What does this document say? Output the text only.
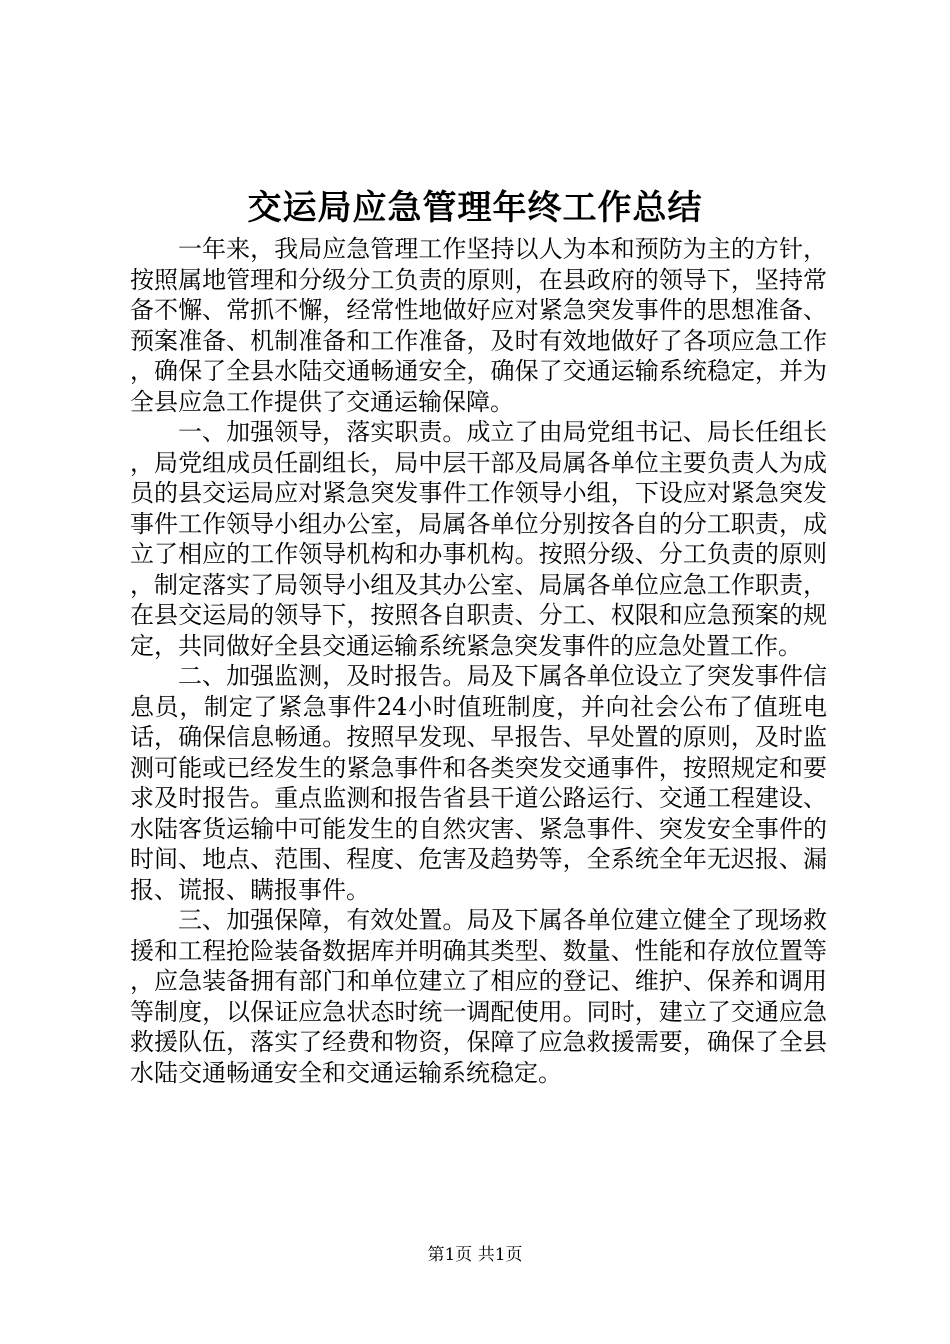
交运局应急管理年终工作总结

一年来，我局应急管理工作坚持以人为本和预防为主的方针，按照属地管理和分级分工负责的原则，在县政府的领导下，坚持常备不懈、常抓不懈，经常性地做好应对紧急突发事件的思想准备、预案准备、机制准备和工作准备，及时有效地做好了各项应急工作，确保了全县水陆交通畅通安全，确保了交通运输系统稳定，并为全县应急工作提供了交通运输保障。

一、加强领导，落实职责。成立了由局党组书记、局长任组长，局党组成员任副组长，局中层干部及局属各单位主要负责人为成员的县交运局应对紧急突发事件工作领导小组，下设应对紧急突发事件工作领导小组办公室，局属各单位分别按各自的分工职责，成立了相应的工作领导机构和办事机构。按照分级、分工负责的原则，制定落实了局领导小组及其办公室、局属各单位应急工作职责，在县交运局的领导下，按照各自职责、分工、权限和应急预案的规定，共同做好全县交通运输系统紧急突发事件的应急处置工作。

二、加强监测，及时报告。局及下属各单位设立了突发事件信息员，制定了紧急事件24小时值班制度，并向社会公布了值班电话，确保信息畅通。按照早发现、早报告、早处置的原则，及时监测可能或已经发生的紧急事件和各类突发交通事件，按照规定和要求及时报告。重点监测和报告省县干道公路运行、交通工程建设、水陆客货运输中可能发生的自然灾害、紧急事件、突发安全事件的时间、地点、范围、程度、危害及趋势等，全系统全年无迟报、漏报、谎报、瞒报事件。

三、加强保障，有效处置。局及下属各单位建立健全了现场救援和工程抢险装备数据库并明确其类型、数量、性能和存放位置等，应急装备拥有部门和单位建立了相应的登记、维护、保养和调用等制度，以保证应急状态时统一调配使用。同时，建立了交通应急救援队伍，落实了经费和物资，保障了应急救援需要，确保了全县水陆交通畅通安全和交通运输系统稳定。

第1页 共1页
